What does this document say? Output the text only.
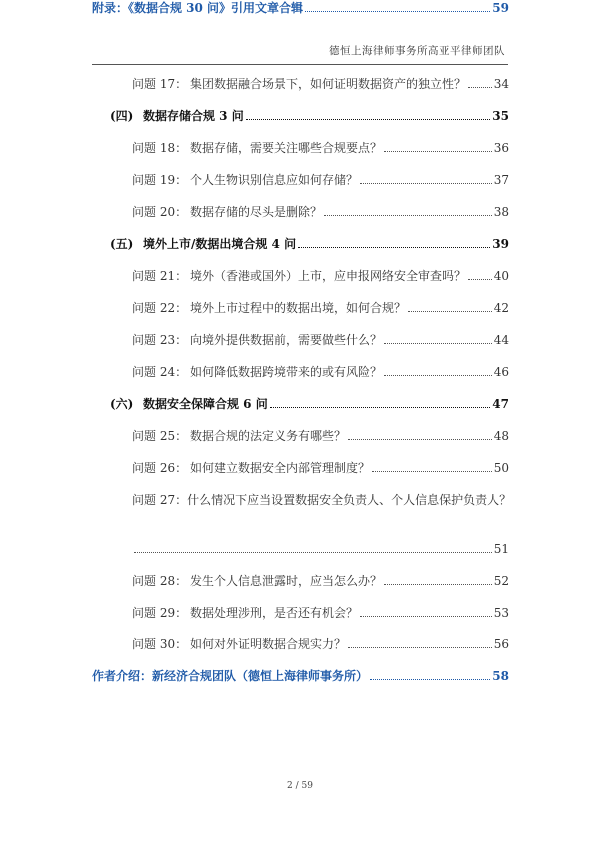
德恒上海律师事务所高亚平律师团队
问题 17： 集团数据融合场景下，如何证明数据资产的独立性？ 34
(四) 数据存储合规 3 问	35
问题 18： 数据存储，需要关注哪些合规要点？	36
问题 19： 个人生物识别信息应如何存储？	37
问题 20： 数据存储的尽头是删除？	38
(五) 境外上市/数据出境合规 4 问	39
问题 21： 境外（香港或国外）上市，应申报网络安全审查吗？ 40
问题 22： 境外上市过程中的数据出境，如何合规？	42
问题 23： 向境外提供数据前，需要做些什么？	44
问题 24： 如何降低数据跨境带来的或有风险？	46
(六) 数据安全保障合规 6 问	47
问题 25： 数据合规的法定义务有哪些？	48
问题 26： 如何建立数据安全内部管理制度？	50
问题 27： 什么情况下应当设置数据安全负责人、个人信息保护负责人？
51
问题 28： 发生个人信息泄露时，应当怎么办？	52
问题 29： 数据处理涉刑，是否还有机会？	53
问题 30： 如何对外证明数据合规实力？	56
作者介绍：新经济合规团队（德恒上海律师事务所）	58
附录：《数据合规 30 问》引用文章合辑	59
2 / 59
